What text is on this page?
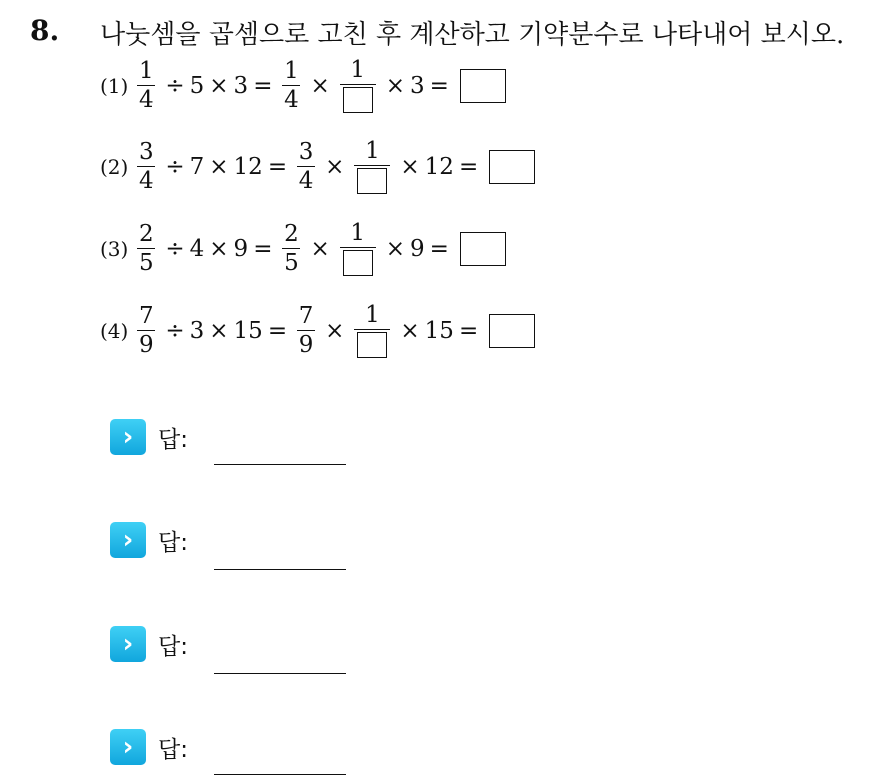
8. 나눗셈을 곱셈으로 고친 후 계산하고 기약분수로 나타내어 보시오.
$(1) \frac{1}{4} \div 5 \times 3 = \frac{1}{4}$ ×
1
× 3 =
$(2) \frac{3}{4} \div 7 \times 12 = \frac{3}{4}$ ×
1
× 12 =
$(3) \frac{2}{5} \div 4 \times 9 = \frac{2}{5}$ ×
1
× 9 =
$(4) \frac{7}{9} \div 3 \times 15 = \frac{7}{9}$ ×
1
× 15 =
›	답:
›	답:
›	답:
›	답:
